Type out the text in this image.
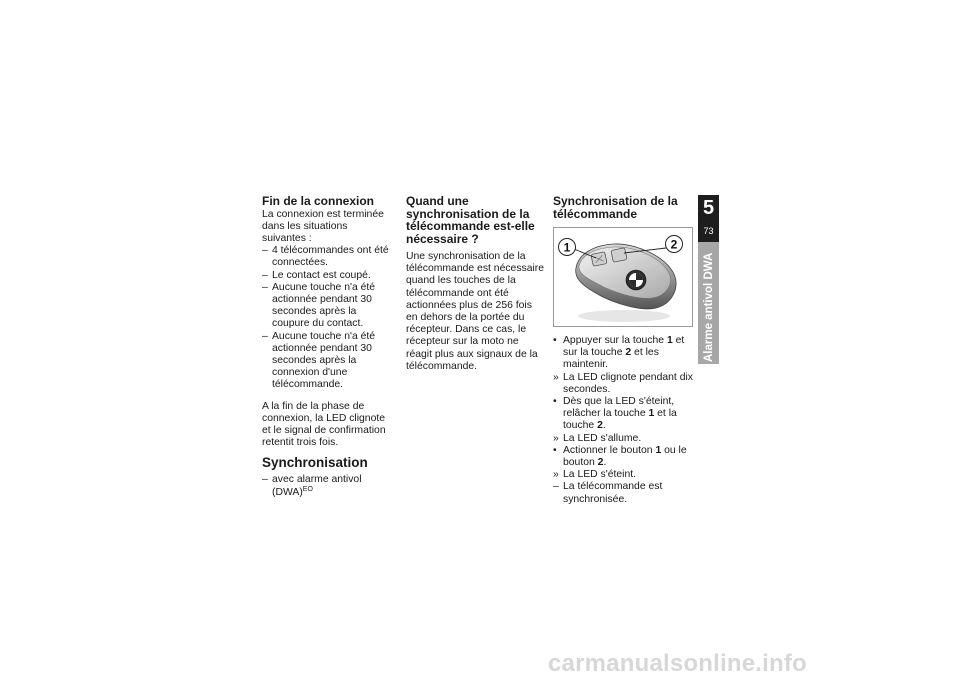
Fin de la connexion

La connexion est terminée dans les situations suivantes :

– 4 télécommandes ont été connectées.
– Le contact est coupé.
– Aucune touche n'a été actionnée pendant 30 secondes après la coupure du contact.
– Aucune touche n'a été actionnée pendant 30 secondes après la connexion d'une télécommande.

A la fin de la phase de connexion, la LED clignote et le signal de confirmation retentit trois fois.

Synchronisation
– avec alarme antivol (DWA)$^{EO}$
Quand une synchronisation de la télécommande est-elle nécessaire ?

Une synchronisation de la télécommande est nécessaire quand les touches de la télécommande ont été actionnées plus de 256 fois en dehors de la portée du récepteur. Dans ce cas, le récepteur sur la moto ne réagit plus aux signaux de la télécommande.

Synchronisation de la télécommande
1	2
• Appuyer sur la touche 1 et sur la touche 2 et les maintenir.
» La LED clignote pendant dix secondes.
• Dès que la LED s'éteint, relâcher la touche 1 et la touche 2.
» La LED s'allume.
• Actionner le bouton 1 ou le bouton 2.
» La LED s'éteint.
– La télécommande est synchronisée.
5
73
Alarme antivol DWA
carmanualsonline.info
